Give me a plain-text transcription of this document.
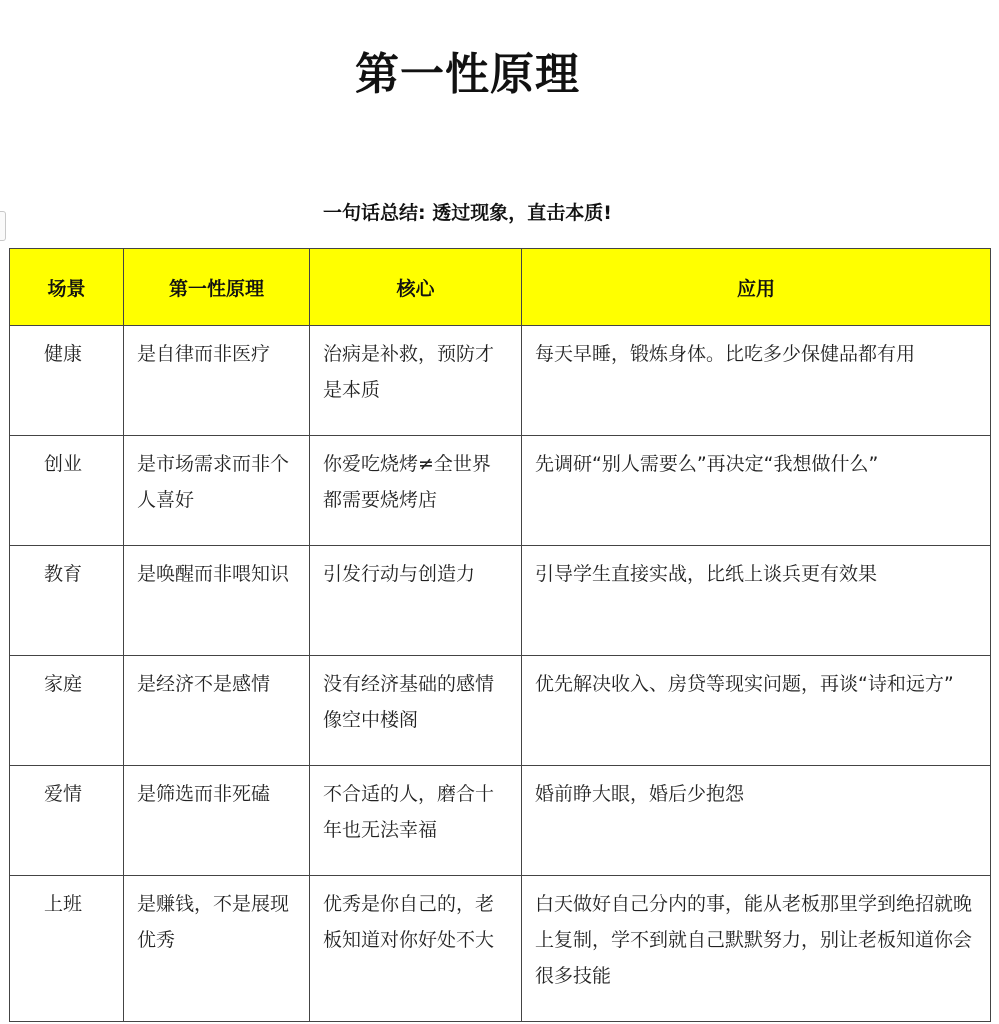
第一性原理
一句话总结: 透过现象，直击本质!
场景	第一性原理	核心	应用
健康	是自律而非医疗	治病是补救，预防才是本质	每天早睡，锻炼身体。比吃多少保健品都有用
创业	是市场需求而非个人喜好	你爱吃烧烤≠全世界都需要烧烤店	先调研“别人需要么”再决定“我想做什么”
教育	是唤醒而非喂知识	引发行动与创造力	引导学生直接实战，比纸上谈兵更有效果
家庭	是经济不是感情	没有经济基础的感情像空中楼阁	优先解决收入、房贷等现实问题，再谈“诗和远方”
爱情	是筛选而非死磕	不合适的人，磨合十年也无法幸福	婚前睁大眼，婚后少抱怨
上班	是赚钱，不是展现优秀	优秀是你自己的，老板知道对你好处不大	白天做好自己分内的事，能从老板那里学到绝招就晚上复制，学不到就自己默默努力，别让老板知道你会很多技能
